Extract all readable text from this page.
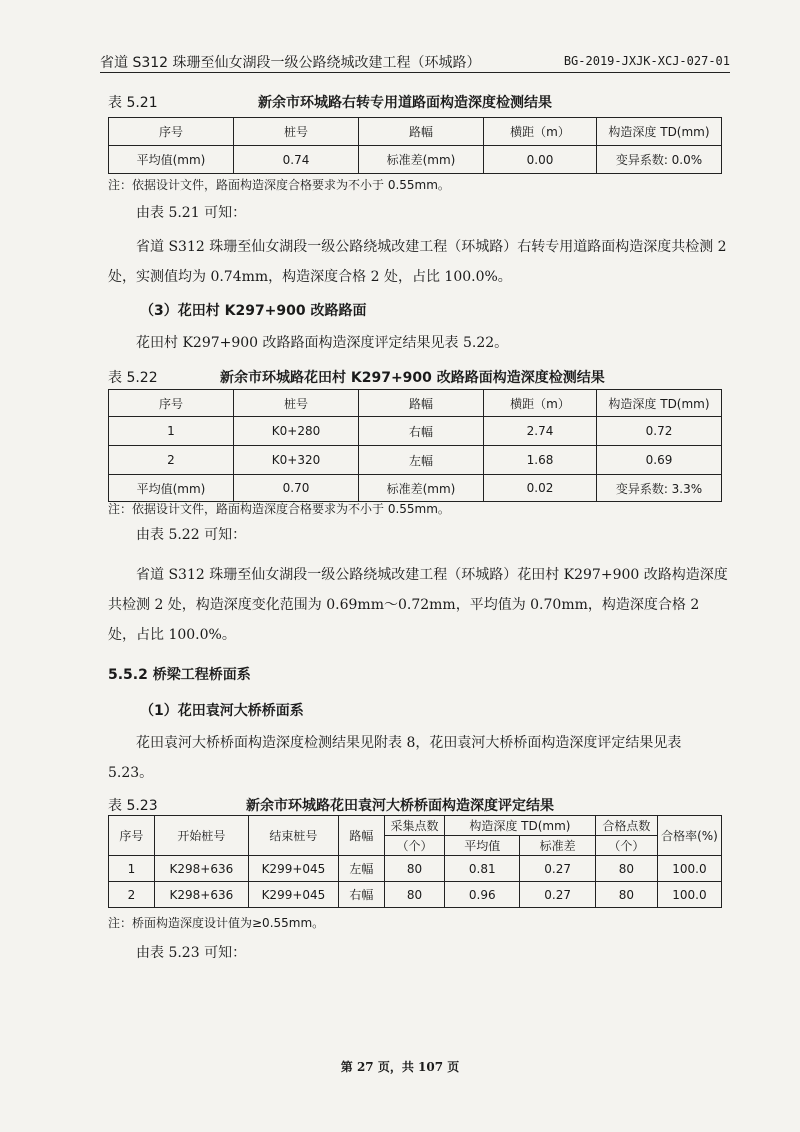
省道 S312 珠珊至仙女湖段一级公路绕城改建工程（环城路）	BG-2019-JXJK-XCJ-027-01
表 5.21	新余市环城路右转专用道路面构造深度检测结果
序号	桩号	路幅	横距（m）	构造深度 TD(mm)
平均值(mm)	0.74	标准差(mm)	0.00	变异系数: 0.0%
注：依据设计文件，路面构造深度合格要求为不小于 0.55mm。
由表 5.21 可知：
省道 S312 珠珊至仙女湖段一级公路绕城改建工程（环城路）右转专用道路面构造深度共检测 2 处，实测值均为 0.74mm，构造深度合格 2 处，占比 100.0%。
（3）花田村 K297+900 改路路面
花田村 K297+900 改路路面构造深度评定结果见表 5.22。
表 5.22	新余市环城路花田村 K297+900 改路路面构造深度检测结果
序号	桩号	路幅	横距（m）	构造深度 TD(mm)
1	K0+280	右幅	2.74	0.72
2	K0+320	左幅	1.68	0.69
平均值(mm)	0.70	标准差(mm)	0.02	变异系数: 3.3%
注：依据设计文件，路面构造深度合格要求为不小于 0.55mm。
由表 5.22 可知：
省道 S312 珠珊至仙女湖段一级公路绕城改建工程（环城路）花田村 K297+900 改路构造深度共检测 2 处，构造深度变化范围为 0.69mm～0.72mm，平均值为 0.70mm，构造深度合格 2 处，占比 100.0%。
5.5.2 桥梁工程桥面系
（1）花田袁河大桥桥面系
花田袁河大桥桥面构造深度检测结果见附表 8，花田袁河大桥桥面构造深度评定结果见表 5.23。
表 5.23	新余市环城路花田袁河大桥桥面构造深度评定结果
序号	开始桩号	结束桩号	路幅	采集点数	构造深度 TD(mm)		合格点数	合格率(%)
				（个）	平均值	标准差	（个）	
1	K298+636	K299+045	左幅	80	0.81	0.27	80	100.0
2	K298+636	K299+045	右幅	80	0.96	0.27	80	100.0
注：桥面构造深度设计值为≥0.55mm。
由表 5.23 可知：
第 27 页，共 107 页
